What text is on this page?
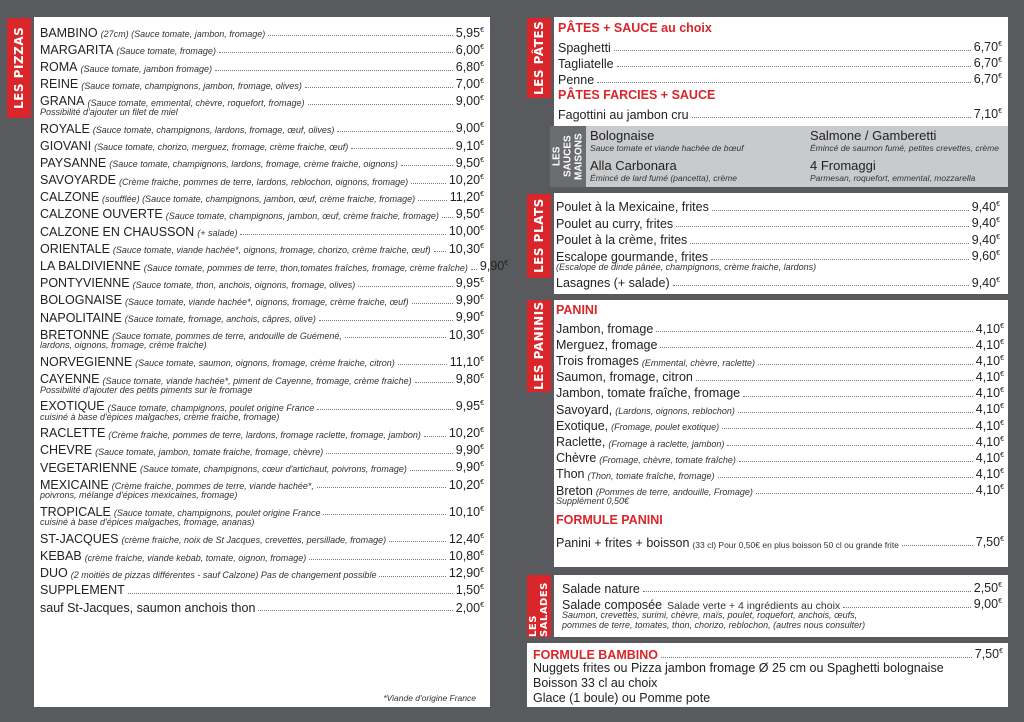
BAMBINO (27cm) (Sauce tomate, jambon, fromage)	5,95€
MARGARITA (Sauce tomate, fromage)	6,00€
ROMA (Sauce tomate, jambon fromage)	6,80€
REINE (Sauce tomate, champignons, jambon, fromage, olives)	7,00€
GRANA (Sauce tomate, emmental, chèvre, roquefort, fromage)	9,00€
Possibilité d'ajouter un filet de miel
ROYALE (Sauce tomate, champignons, lardons, fromage, œuf, olives)	9,00€
GIOVANI (Sauce tomate, chorizo, merguez, fromage, crème fraiche, œuf)	9,10€
PAYSANNE (Sauce tomate, champignons, lardons, fromage, crème fraiche, oignons)	9,50€
SAVOYARDE (Crème fraiche, pommes de terre, lardons, reblochon, oignons, fromage)	10,20€
CALZONE (soufflée) (Sauce tomate, champignons, jambon, œuf, crème fraiche, fromage)	11,20€
CALZONE OUVERTE (Sauce tomate, champignons, jambon, œuf, crème fraiche, fromage) 9,50€
CALZONE EN CHAUSSON (+ salade)	10,00€
ORIENTALE (Sauce tomate, viande hachée*, oignons, fromage, chorizo, crème fraiche, œuf) 10,30€
LA BALDIVIENNE (Sauce tomate, pommes de terre, thon,tomates fraîches, fromage, crème fraîche) 9,90€
PONTYVIENNE (Sauce tomate, thon, anchois, oignons, fromage, olives)	9,95€
BOLOGNAISE (Sauce tomate, viande hachée*, oignons, fromage, crème fraiche, œuf)	9,90€
NAPOLITAINE (Sauce tomate, fromage, anchois, câpres, olive)	9,90€
BRETONNE (Sauce tomate, pommes de terre, andouille de Guémené,	10,30€
lardons, oignons, fromage, crème fraiche)
NORVEGIENNE (Sauce tomate, saumon, oignons, fromage, crème fraiche, citron)	11,10€
CAYENNE (Sauce tomate, viande hachée*, piment de Cayenne, fromage, crème fraiche)	9,80€
Possibilité d'ajouter des petits piments sur le fromage
EXOTIQUE (Sauce tomate, champignons, poulet origine France	9,95€
cuisiné à base d'épices malgaches, crème fraiche, fromage)
RACLETTE (Crème fraiche, pommes de terre, lardons, fromage raclette, fromage, jambon) 10,20€
CHEVRE (Sauce tomate, jambon, tomate fraiche, fromage, chèvre)	9,90€
VEGETARIENNE (Sauce tomate, champignons, cœur d'artichaut, poivrons, fromage)	9,90€
MEXICAINE (Crème fraiche, pommes de terre, viande hachée*,	10,20€
poivrons, mélange d'épices mexicaines, fromage)
TROPICALE (Sauce tomate, champignons, poulet origine France	10,10€
cuisiné à base d'épices malgaches, fromage, ananas)
ST-JACQUES (crème fraiche, noix de St Jacques, crevettes, persillade, fromage)	12,40€
KEBAB (crème fraiche, viande kebab, tomate, oignon, fromage)	10,80€
DUO (2 moitiés de pizzas différentes - sauf Calzone) Pas de changement possible	12,90€
SUPPLEMENT	1,50€
sauf St-Jacques, saumon anchois thon	2,00€
*Viande d'origine France
LES PIZZAS	PÂTES + SAUCE au choix
Spaghetti	6,70€
Tagliatelle	6,70€
Penne	6,70€
PÂTES FARCIES + SAUCE
Fagottini au jambon cru	7,10€
LES SAUCES MAISONS Bolognaise
Sauce tomate et viande hachée de bœuf
Salmone / Gamberetti
Émincé de saumon fumé, petites crevettes, crème
Alla Carbonara
Émincé de lard fumé (pancetta), crème
4 Fromaggi
Parmesan, roquefort, emmental, mozzarella
LES PÂTES
Poulet à la Mexicaine, frites	9,40€
Poulet au curry, frites	9,40€
Poulet à la crème, frites	9,40€
Escalope gourmande, frites	9,60€
(Escalope de dinde pânée, champignons, crème fraiche, lardons)
Lasagnes (+ salade)	9,40€
LES PLATS
PANINI
Jambon, fromage	4,10€
Merguez, fromage	4,10€
Trois fromages (Emmental, chèvre, raclette)	4,10€
Saumon, fromage, citron	4,10€
Jambon, tomate fraîche, fromage	4,10€
Savoyard, (Lardons, oignons, reblochon)	4,10€
Exotique, (Fromage, poulet exotique)	4,10€
Raclette, (Fromage à raclette, jambon)	4,10€
Chèvre (Fromage, chèvre, tomate fraîche)	4,10€
Thon (Thon, tomate fraîche, fromage)	4,10€
Breton (Pommes de terre, andouille, Fromage)	4,10€
Supplément 0,50€
FORMULE PANINI
Panini + frites + boisson (33 cl) Pour 0,50€ en plus boisson 50 cl ou grande frite	7,50€
LES PANINIS
Salade nature	2,50€
Salade composée Salade verte + 4 ingrédients au choix	9,00€
Saumon, crevettes, surimi, chèvre, maïs, poulet, roquefort, anchois, œufs,
pommes de terre, tomates, thon, chorizo, reblochon, (autres nous consulter)
LES SALADES
FORMULE BAMBINO	7,50€
Nuggets frites ou Pizza jambon fromage Ø 25 cm ou Spaghetti bolognaise
Boisson 33 cl au choix
Glace (1 boule) ou Pomme pote
